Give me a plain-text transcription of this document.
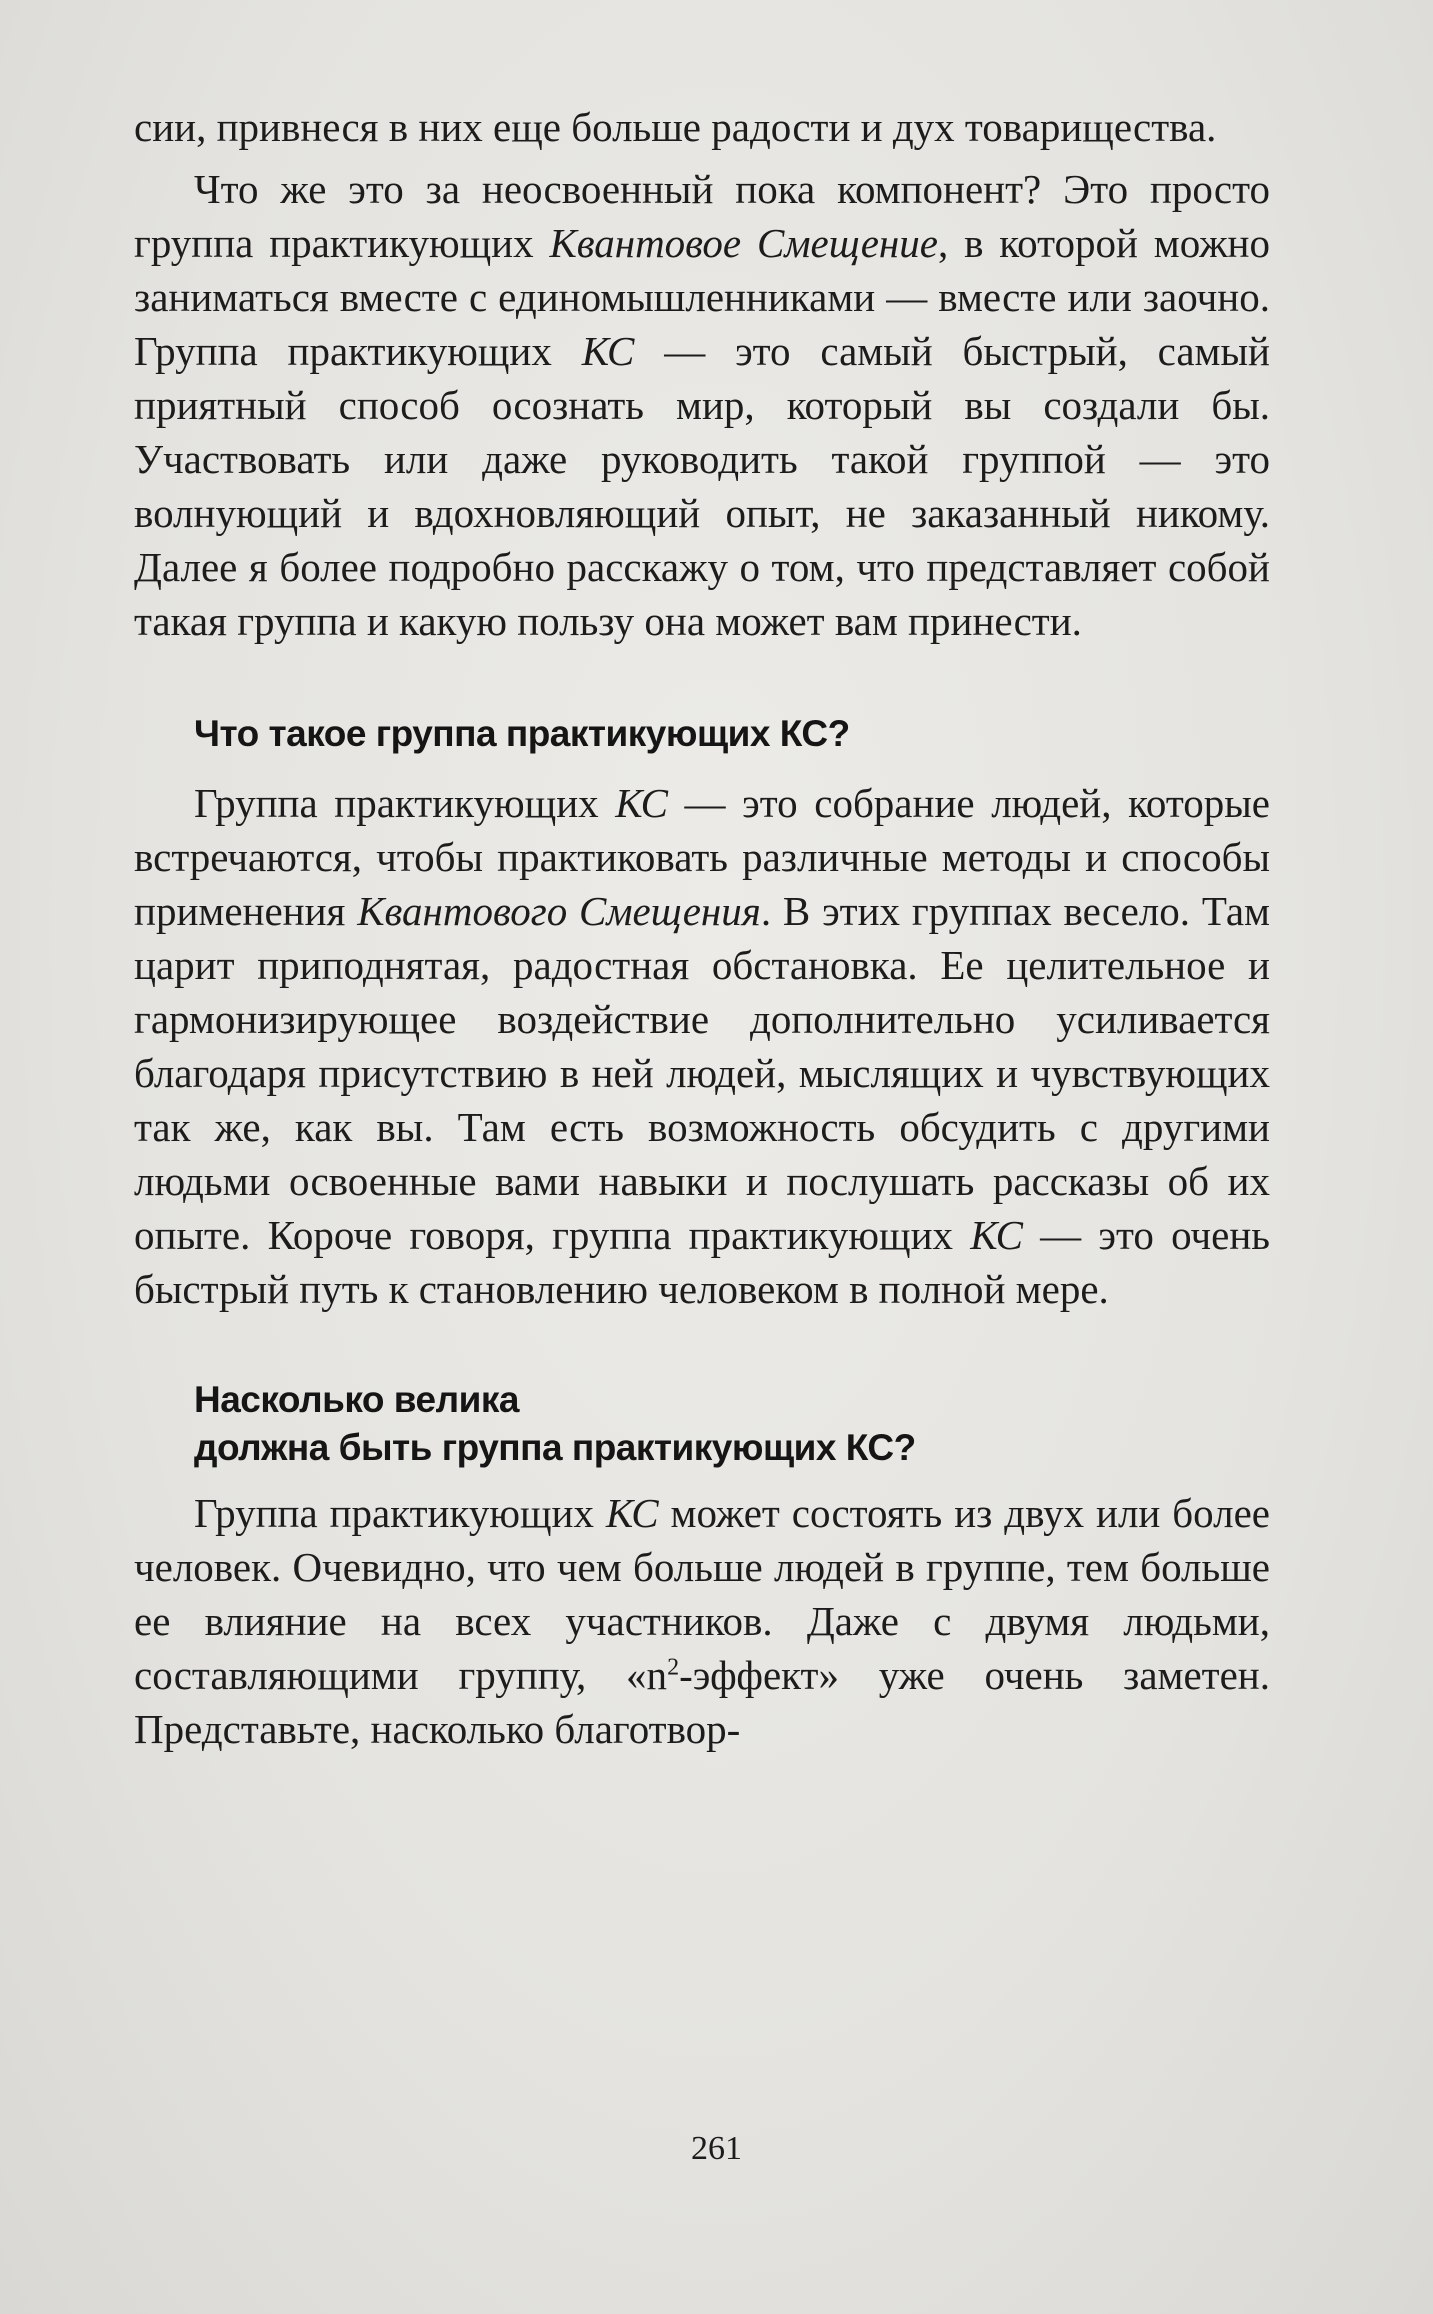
сии, привнеся в них еще больше радости и дух товарищества.

Что же это за неосвоенный пока компонент? Это просто группа практикующих Квантовое Смещение, в которой можно заниматься вместе с единомышленниками — вместе или заочно. Группа практикующих КС — это самый быстрый, самый приятный способ осознать мир, который вы создали бы. Участвовать или даже руководить такой группой — это волнующий и вдохновляющий опыт, не заказанный никому. Далее я более подробно расскажу о том, что представляет собой такая группа и какую пользу она может вам принести.

Что такое группа практикующих КС?

Группа практикующих КС — это собрание людей, которые встречаются, чтобы практиковать различные методы и способы применения Квантового Смещения. В этих группах весело. Там царит приподнятая, радостная обстановка. Ее целительное и гармонизирующее воздействие дополнительно усиливается благодаря присутствию в ней людей, мыслящих и чувствующих так же, как вы. Там есть возможность обсудить с другими людьми освоенные вами навыки и послушать рассказы об их опыте. Короче говоря, группа практикующих КС — это очень быстрый путь к становлению человеком в полной мере.

Насколько велика
должна быть группа практикующих КС?

Группа практикующих КС может состоять из двух или более человек. Очевидно, что чем больше людей в группе, тем больше ее влияние на всех участников. Даже с двумя людьми, составляющими группу, «$n^2$-эффект» уже очень заметен. Представьте, насколько благотвор-

261
